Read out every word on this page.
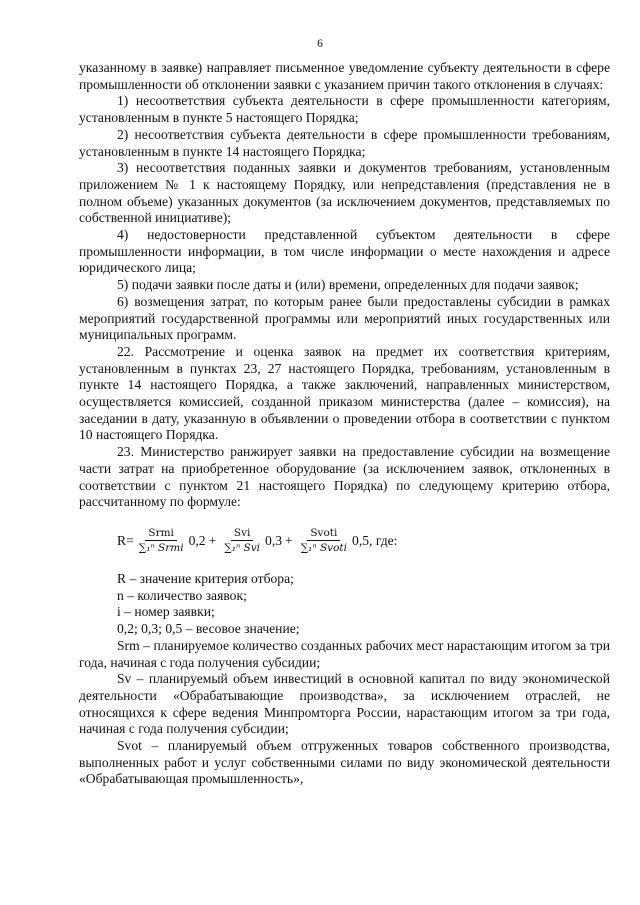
6

указанному в заявке) направляет письменное уведомление субъекту деятельности в сфере промышленности об отклонении заявки с указанием причин такого отклонения в случаях:

1) несоответствия субъекта деятельности в сфере промышленности категориям, установленным в пункте 5 настоящего Порядка;

2) несоответствия субъекта деятельности в сфере промышленности требованиям, установленным в пункте 14 настоящего Порядка;

3) несоответствия поданных заявки и документов требованиям, установленным приложением № 1 к настоящему Порядку, или непредставления (представления не в полном объеме) указанных документов (за исключением документов, представляемых по собственной инициативе);

4) недостоверности представленной субъектом деятельности в сфере промышленности информации, в том числе информации о месте нахождения и адресе юридического лица;

5) подачи заявки после даты и (или) времени, определенных для подачи заявок;

6) возмещения затрат, по которым ранее были предоставлены субсидии в рамках мероприятий государственной программы или мероприятий иных государственных или муниципальных программ.

22. Рассмотрение и оценка заявок на предмет их соответствия критериям, установленным в пунктах 23, 27 настоящего Порядка, требованиям, установленным в пункте 14 настоящего Порядка, а также заключений, направленных министерством, осуществляется комиссией, созданной приказом министерства (далее – комиссия), на заседании в дату, указанную в объявлении о проведении отбора в соответствии с пунктом 10 настоящего Порядка.

23. Министерство ранжирует заявки на предоставление субсидии на возмещение части затрат на приобретенное оборудование (за исключением заявок, отклоненных в соответствии с пунктом 21 настоящего Порядка) по следующему критерию отбора, рассчитанному по формуле:

$R= \frac{\text{Srmi}}{\text{∑₁ⁿ Srmi}} 0,2 + \frac{\text{Svi}}{\text{∑₁ⁿ Svi}} 0,3 + \frac{\text{Svoti}}{\text{∑₁ⁿ Svoti}} 0,5$ , где:

R – значение критерия отбора;

n – количество заявок;

i – номер заявки;

0,2; 0,3; 0,5 – весовое значение;

Srm – планируемое количество созданных рабочих мест нарастающим итогом за три года, начиная с года получения субсидии;

Sv – планируемый объем инвестиций в основной капитал по виду экономической деятельности «Обрабатывающие производства», за исключением отраслей, не относящихся к сфере ведения Минпромторга России, нарастающим итогом за три года, начиная с года получения субсидии;

Svot – планируемый объем отгруженных товаров собственного производства, выполненных работ и услуг собственными силами по виду экономической деятельности «Обрабатывающая промышленность»,
